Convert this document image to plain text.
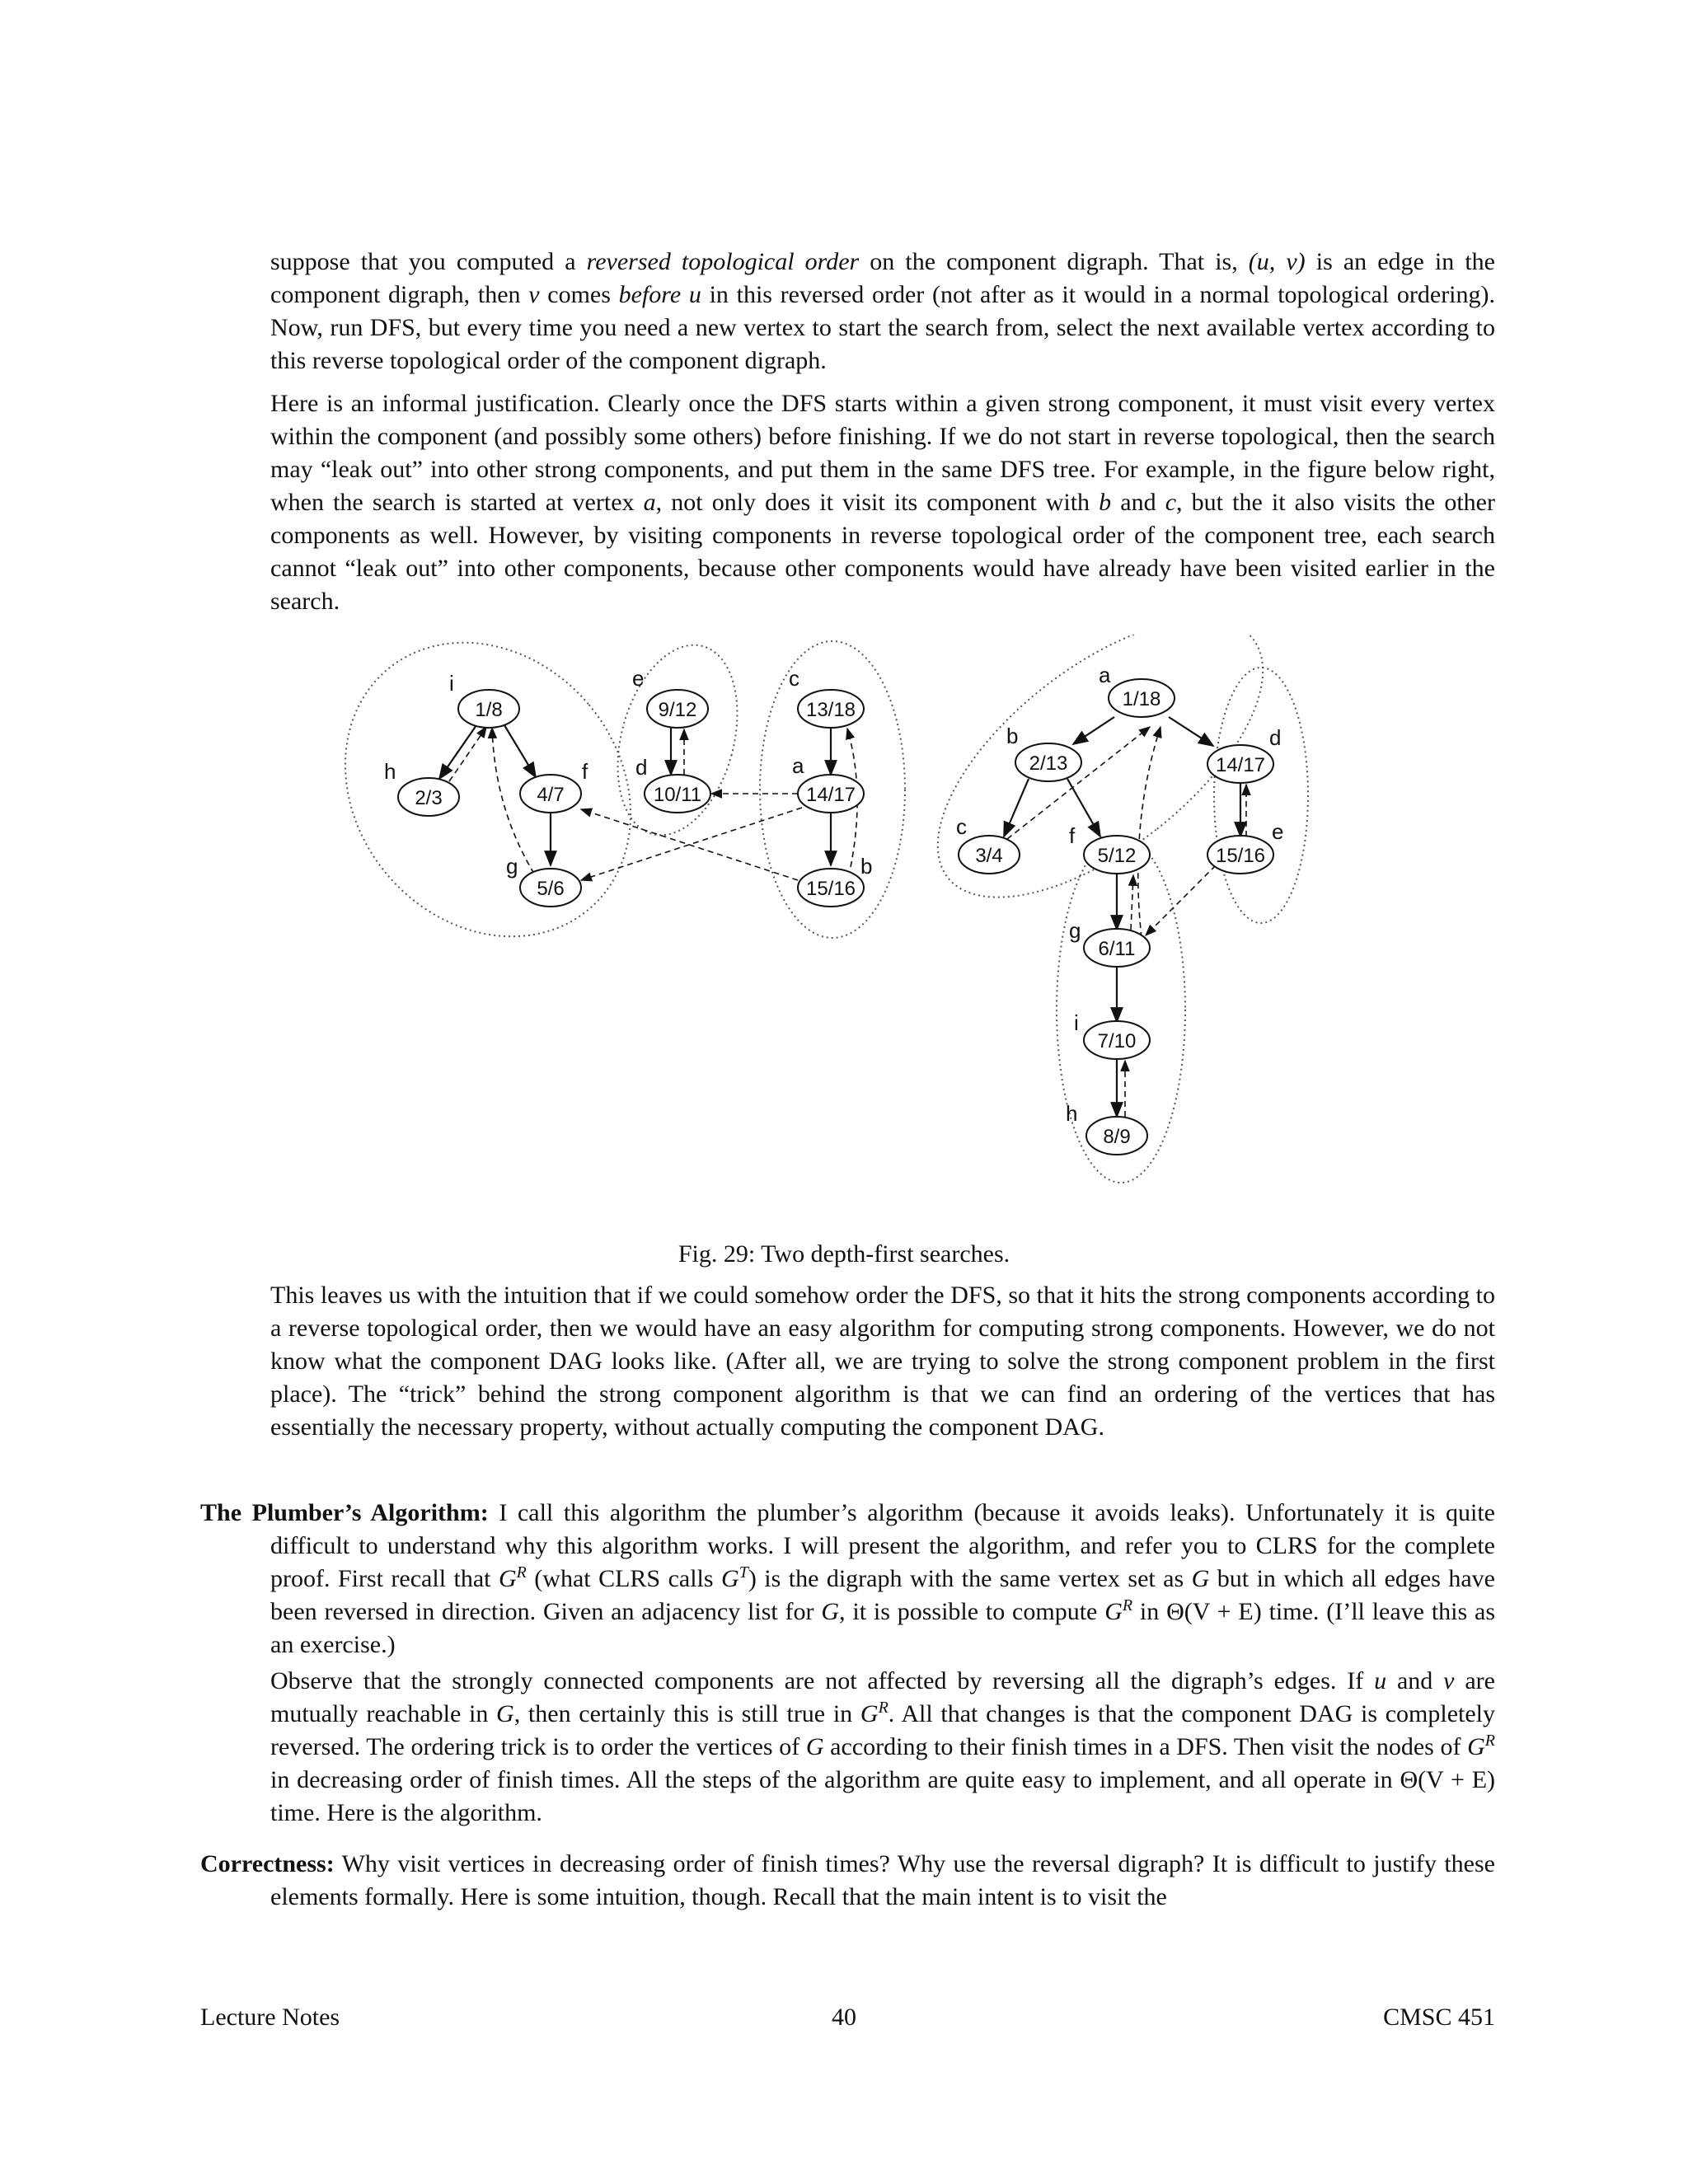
suppose that you computed a reversed topological order on the component digraph. That is, (u, v) is an edge in the component digraph, then v comes before u in this reversed order (not after as it would in a normal topological ordering). Now, run DFS, but every time you need a new vertex to start the search from, select the next available vertex according to this reverse topological order of the component digraph.

Here is an informal justification. Clearly once the DFS starts within a given strong component, it must visit every vertex within the component (and possibly some others) before finishing. If we do not start in reverse topological, then the search may “leak out” into other strong components, and put them in the same DFS tree. For example, in the figure below right, when the search is started at vertex a, not only does it visit its component with b and c, but the it also visits the other components as well. However, by visiting components in reverse topological order of the component tree, each search cannot “leak out” into other components, because other components would have already have been visited earlier in the search.

1/8
2/3	4/7
5/6
9/12
10/11
13/18
14/17
15/16
i
h	f
g
e
d
c
a
b
1/18
2/13	14/17
3/4	5/12	15/16
6/11
7/10
8/9
a
b	d
c	f	e
g
i
h
Fig. 29: Two depth-first searches.

This leaves us with the intuition that if we could somehow order the DFS, so that it hits the strong components according to a reverse topological order, then we would have an easy algorithm for computing strong components. However, we do not know what the component DAG looks like. (After all, we are trying to solve the strong component problem in the first place). The “trick” behind the strong component algorithm is that we can find an ordering of the vertices that has essentially the necessary property, without actually computing the component DAG.

The Plumber’s Algorithm: I call this algorithm the plumber’s algorithm (because it avoids leaks). Unfortunately it is quite difficult to understand why this algorithm works. I will present the algorithm, and refer you to CLRS for the complete proof. First recall that $G^R$ (what CLRS calls $G^T$) is the digraph with the same vertex set as G but in which all edges have been reversed in direction. Given an adjacency list for G, it is possible to compute $G^R$ in Θ(V + E) time. (I’ll leave this as an exercise.)

Observe that the strongly connected components are not affected by reversing all the digraph’s edges. If u and v are mutually reachable in G, then certainly this is still true in $G^R$. All that changes is that the component DAG is completely reversed. The ordering trick is to order the vertices of G according to their finish times in a DFS. Then visit the nodes of $G^R$ in decreasing order of finish times. All the steps of the algorithm are quite easy to implement, and all operate in Θ(V + E) time. Here is the algorithm.

Correctness: Why visit vertices in decreasing order of finish times? Why use the reversal digraph? It is difficult to justify these elements formally. Here is some intuition, though. Recall that the main intent is to visit the

Lecture Notes	40	CMSC 451
